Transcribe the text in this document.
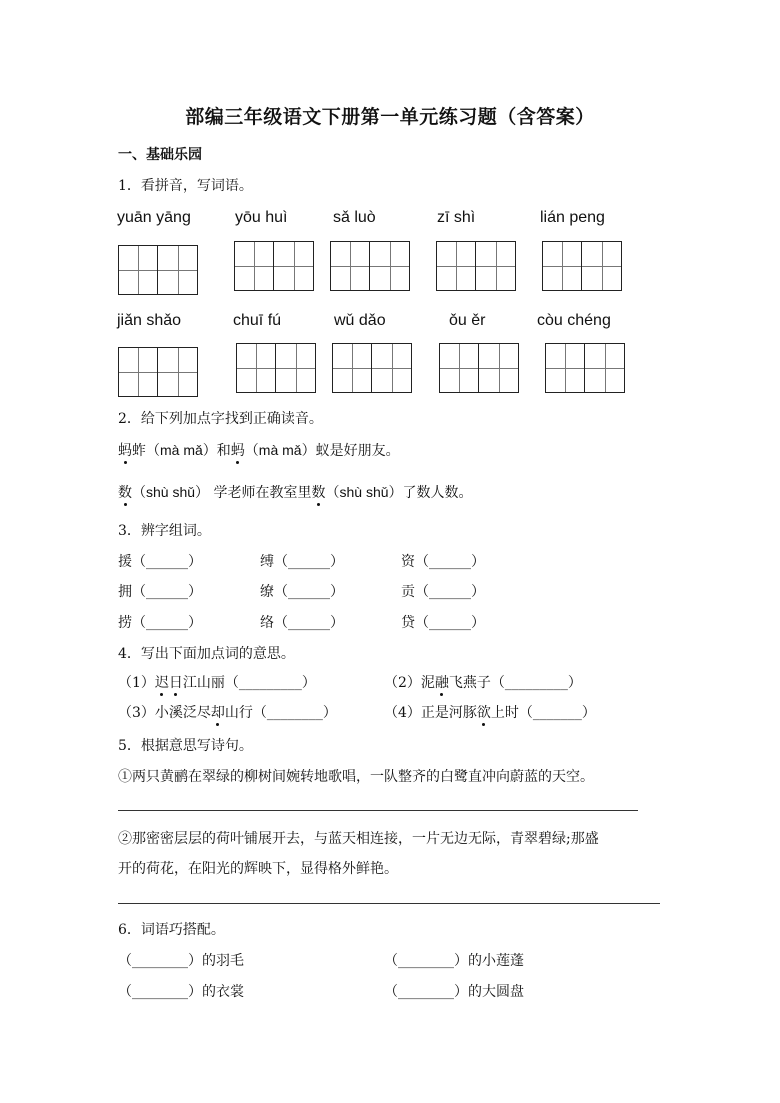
部编三年级语文下册第一单元练习题（含答案）
一、基础乐园
1．看拼音，写词语。
yuān yāng	yōu huì	sǎ luò	zī shì	lián peng
jiǎn shǎo	chuī fú	wǔ dǎo	ǒu ěr	còu chéng
2．给下列加点字找到正确读音。
蚂蚱（mà mǎ）和蚂（mà mǎ）蚁是好朋友。
数（shù shǔ） 学老师在教室里数（shù shǔ）了数人数。
3．辨字组词。
援（______）	缚（______）	资（______）
拥（______）	缭（______）	贡（______）
捞（______）	络（______）	贷（______）
4．写出下面加点词的意思。
（1）迟日江山丽（_________）	（2）泥融飞燕子（_________）
（3）小溪泛尽却山行（________）	（4）正是河豚欲上时（_______）
5．根据意思写诗句。
①两只黄鹂在翠绿的柳树间婉转地歌唱，一队整齐的白鹭直冲向蔚蓝的天空。
②那密密层层的荷叶铺展开去，与蓝天相连接，一片无边无际，青翠碧绿;那盛
开的荷花，在阳光的辉映下，显得格外鲜艳。
6．词语巧搭配。
（________）的羽毛	（________）的小莲蓬
（________）的衣裳	（________）的大圆盘
